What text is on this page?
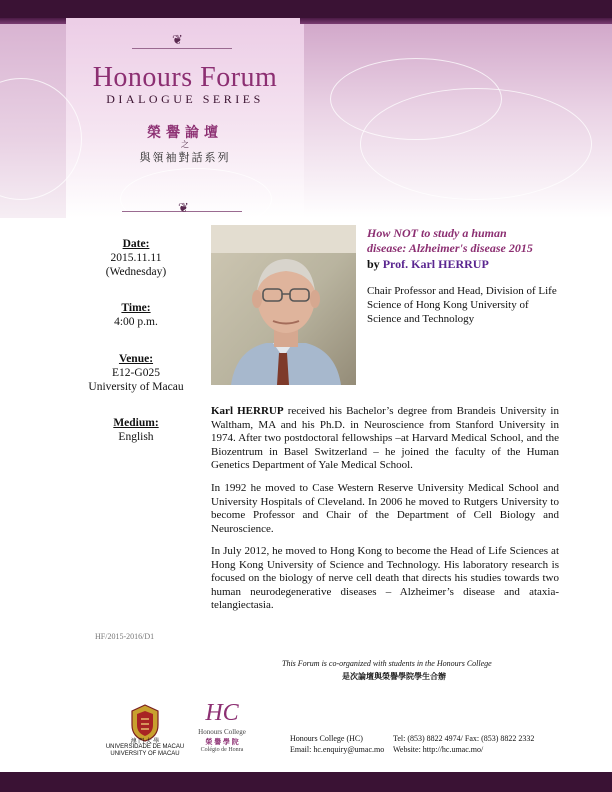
❦
Honours Forum
DIALOGUE SERIES
榮譽論壇
之
與領袖對話系列
❦
Date:
2015.11.11
(Wednesday)
Time:
4:00 p.m.
Venue:
E12-G025
University of Macau
Medium:
English
How NOT to study a human
disease: Alzheimer's disease 2015
by Prof. Karl HERRUP
Chair Professor and Head, Division of Life Science of Hong Kong University of Science and Technology
Karl HERRUP received his Bachelor’s degree from Brandeis University in Waltham, MA and his Ph.D. in Neuroscience from Stanford University in 1974. After two postdoctoral fellowships –at Harvard Medical School, and the Biozentrum in Basel Switzerland – he joined the faculty of the Human Genetics Department of Yale Medical School.
In 1992 he moved to Case Western Reserve University Medical School and University Hospitals of Cleveland. In 2006 he moved to Rutgers University to become Professor and Chair of the Department of Cell Biology and Neuroscience.
In July 2012, he moved to Hong Kong to become the Head of Life Sciences at Hong Kong University of Science and Technology. His laboratory research is focused on the biology of nerve cell death that directs his studies towards two human neurodegenerative diseases – Alzheimer’s disease and ataxia-telangiectasia.
HF/2015-2016/D1
This Forum is co-organized with students in the Honours College
是次論壇與榮譽學院學生合辦
澳 門 大 學
UNIVERSIDADE DE MACAU
UNIVERSITY OF MACAU
HC
Honours College
榮 譽 學 院
Colégio de Honra
Honours College (HC)
Email: hc.enquiry@umac.mo
Tel: (853) 8822 4974/ Fax: (853) 8822 2332
Website: http://hc.umac.mo/
